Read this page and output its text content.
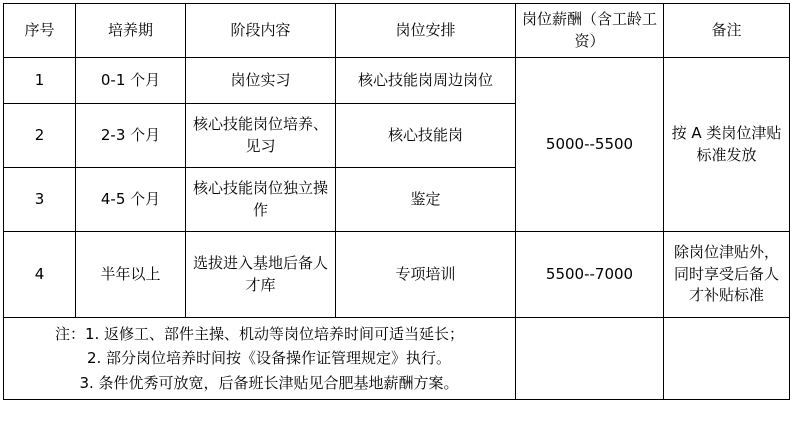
序号	培养期	阶段内容	岗位安排	岗位薪酬（含工龄工资）	备注
1	0-1 个月	岗位实习	核心技能岗周边岗位	5000--5500	按 A 类岗位津贴标准发放
2	2-3 个月	核心技能岗位培养、见习	核心技能岗		
3	4-5 个月	核心技能岗位独立操作	鉴定		
4	半年以上	选拔进入基地后备人才库	专项培训	5500--7000	除岗位津贴外，同时享受后备人才补贴标准

注：1. 返修工、部件主操、机动等岗位培养时间可适当延长；
2. 部分岗位培养时间按《设备操作证管理规定》执行。
3. 条件优秀可放宽，后备班长津贴见合肥基地薪酬方案。					
